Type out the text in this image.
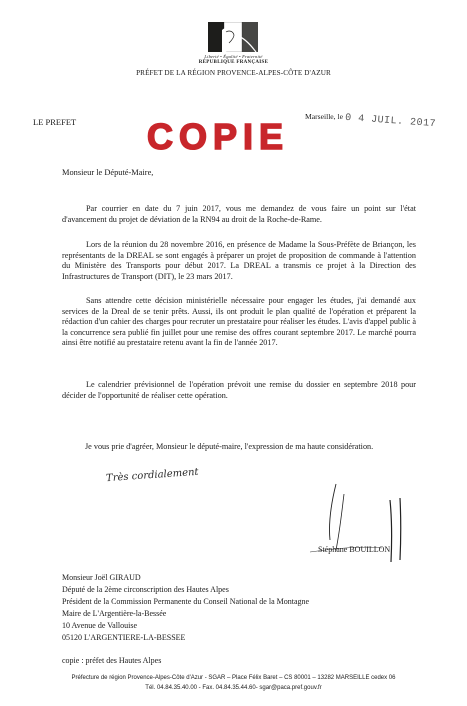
Liberté • Égalité • Fraternité
RÉPUBLIQUE FRANÇAISE
PRÉFET DE LA RÉGION PROVENCE-ALPES-CÔTE D'AZUR
LE PREFET COPIE Marseille, le 0 4 JUIL. 2017
Monsieur le Député-Maire,
Par courrier en date du 7 juin 2017, vous me demandez de vous faire un point sur l'état d'avancement du projet de déviation de la RN94 au droit de la Roche-de-Rame.
Lors de la réunion du 28 novembre 2016, en présence de Madame la Sous-Préfète de Briançon, les représentants de la DREAL se sont engagés à préparer un projet de proposition de commande à l'attention du Ministère des Transports pour début 2017. La DREAL a transmis ce projet à la Direction des Infrastructures de Transport (DIT), le 23 mars 2017.
Sans attendre cette décision ministérielle nécessaire pour engager les études, j'ai demandé aux services de la Dreal de se tenir prêts. Aussi, ils ont produit le plan qualité de l'opération et préparent la rédaction d'un cahier des charges pour recruter un prestataire pour réaliser les études. L'avis d'appel public à la concurrence sera publié fin juillet pour une remise des offres courant septembre 2017. Le marché pourra ainsi être notifié au prestataire retenu avant la fin de l'année 2017.
Le calendrier prévisionnel de l'opération prévoit une remise du dossier en septembre 2018 pour décider de l'opportunité de réaliser cette opération.
Je vous prie d'agréer, Monsieur le député-maire, l'expression de ma haute considération.
Très cordialement
Stéphane BOUILLON
Monsieur Joël GIRAUD
Député de la 2ème circonscription des Hautes Alpes
Président de la Commission Permanente du Conseil National de la Montagne
Maire de L'Argentière-la-Bessée
10 Avenue de Vallouise
05120 L'ARGENTIERE-LA-BESSEE
copie : préfet des Hautes Alpes
Préfecture de région Provence-Alpes-Côte d'Azur - SGAR – Place Félix Baret – CS 80001 – 13282 MARSEILLE cedex 06
Tél. 04.84.35.40.00 - Fax. 04.84.35.44.60- sgar@paca.pref.gouv.fr
